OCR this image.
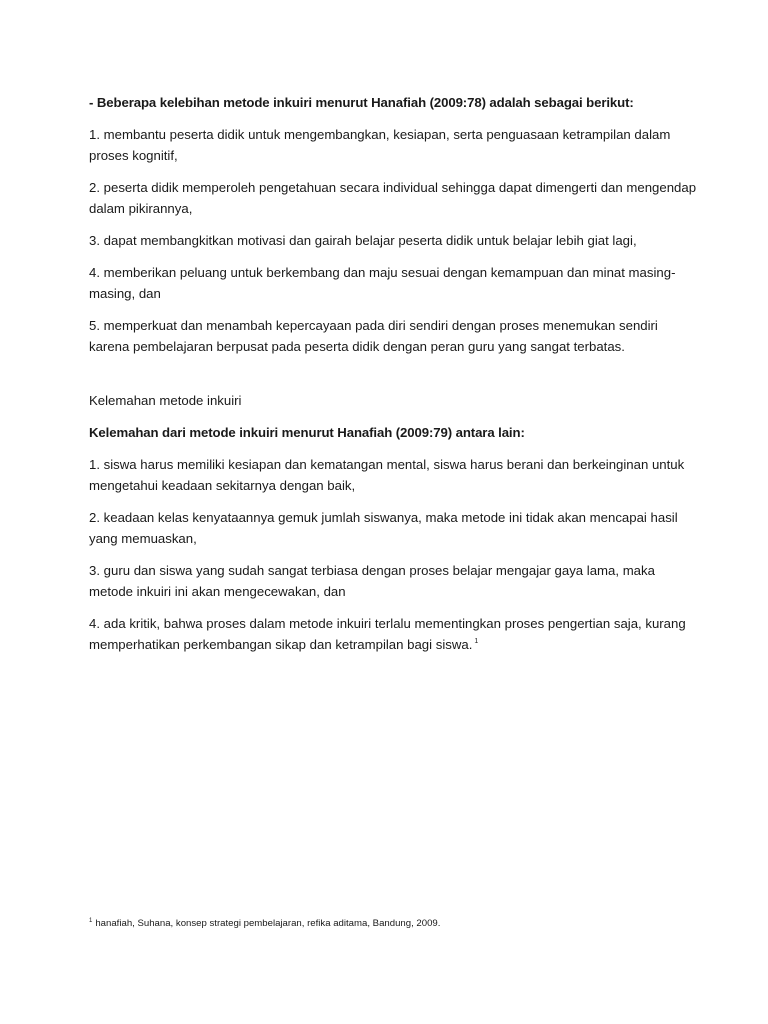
- Beberapa kelebihan metode inkuiri menurut Hanafiah (2009:78) adalah sebagai berikut:

1. membantu peserta didik untuk mengembangkan, kesiapan, serta penguasaan ketrampilan dalam proses kognitif,

2. peserta didik memperoleh pengetahuan secara individual sehingga dapat dimengerti dan mengendap dalam pikirannya,

3. dapat membangkitkan motivasi dan gairah belajar peserta didik untuk belajar lebih giat lagi,

4. memberikan peluang untuk berkembang dan maju sesuai dengan kemampuan dan minat masing-masing, dan

5. memperkuat dan menambah kepercayaan pada diri sendiri dengan proses menemukan sendiri karena pembelajaran berpusat pada peserta didik dengan peran guru yang sangat terbatas.

Kelemahan metode inkuiri

Kelemahan dari metode inkuiri menurut Hanafiah (2009:79) antara lain:

1. siswa harus memiliki kesiapan dan kematangan mental, siswa harus berani dan berkeinginan untuk mengetahui keadaan sekitarnya dengan baik,

2. keadaan kelas kenyataannya gemuk jumlah siswanya, maka metode ini tidak akan mencapai hasil yang memuaskan,

3. guru dan siswa yang sudah sangat terbiasa dengan proses belajar mengajar gaya lama, maka metode inkuiri ini akan mengecewakan, dan

4. ada kritik, bahwa proses dalam metode inkuiri terlalu mementingkan proses pengertian saja, kurang memperhatikan perkembangan sikap dan ketrampilan bagi siswa. $^1$

$^1$ hanafiah, Suhana, konsep strategi pembelajaran, refika aditama, Bandung, 2009.
